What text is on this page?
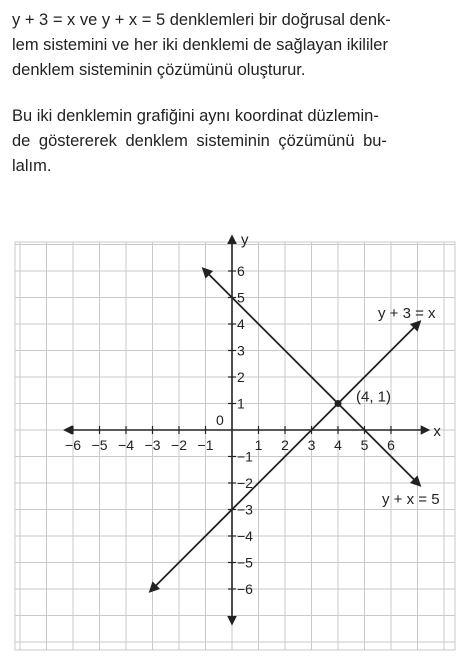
y + 3 = x ve y + x = 5 denklemleri bir doğrusal denk-
lem sistemini ve her iki denklemi de sağlayan ikililer
denklem sisteminin çözümünü oluşturur.

Bu iki denklemin grafiğini aynı koordinat düzlemin-
de göstererek denklem sisteminin çözümünü bu-
lalım.

−6 −5 −4 −3 −2 −1	1 2 3 4 5 6
6
5
4
3
2
1
−1
−2
−3
−4
−5
−6
0
x
y
y + 3 = x
y + x = 5
(4, 1)
